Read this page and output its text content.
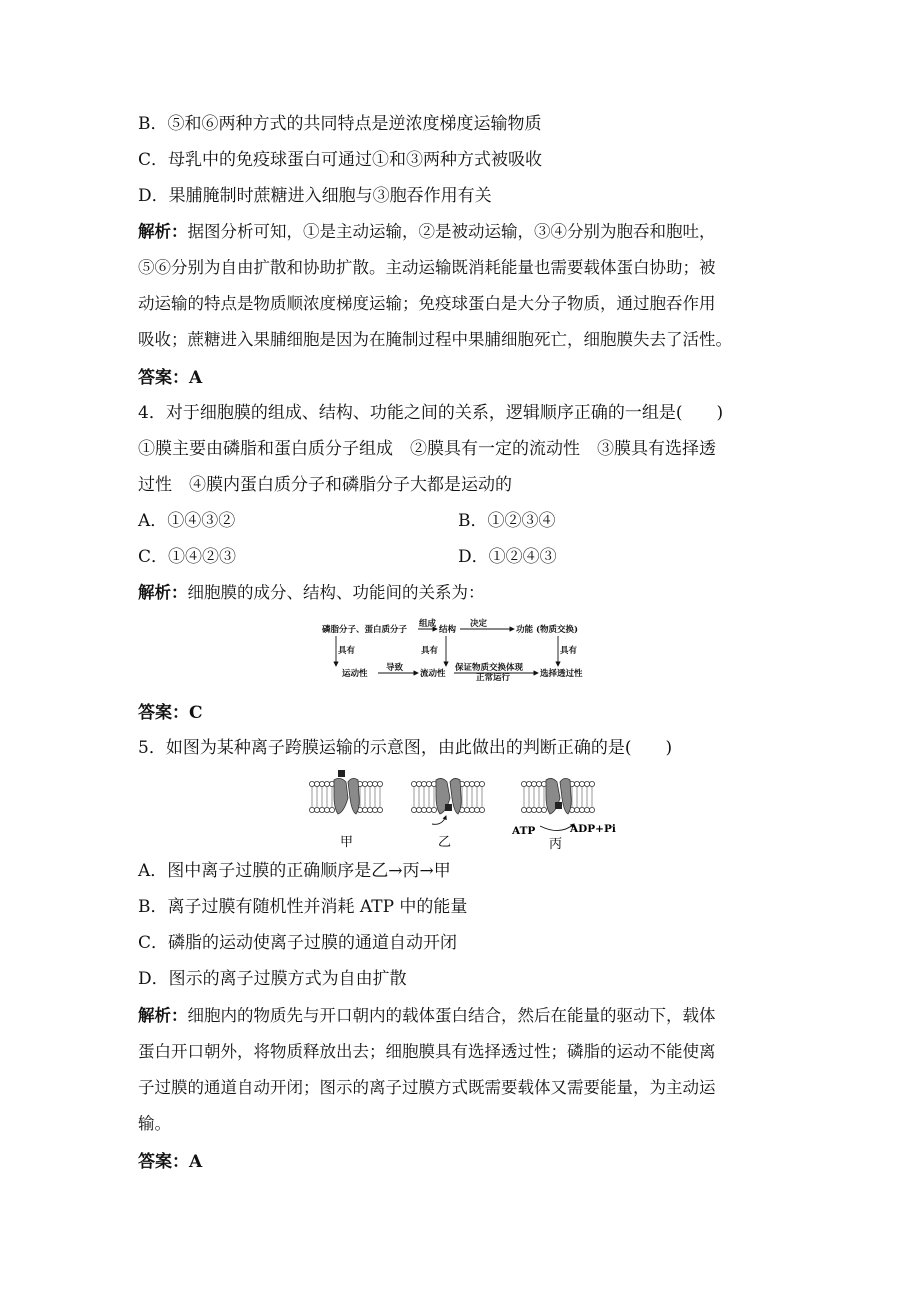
B．⑤和⑥两种方式的共同特点是逆浓度梯度运输物质
C．母乳中的免疫球蛋白可通过①和③两种方式被吸收
D．果脯腌制时蔗糖进入细胞与③胞吞作用有关
解析：据图分析可知，①是主动运输，②是被动运输，③④分别为胞吞和胞吐，
⑤⑥分别为自由扩散和协助扩散。主动运输既消耗能量也需要载体蛋白协助；被
动运输的特点是物质顺浓度梯度运输；免疫球蛋白是大分子物质，通过胞吞作用
吸收；蔗糖进入果脯细胞是因为在腌制过程中果脯细胞死亡，细胞膜失去了活性。
答案：A
4．对于细胞膜的组成、结构、功能之间的关系，逻辑顺序正确的一组是(　　)
①膜主要由磷脂和蛋白质分子组成　②膜具有一定的流动性　③膜具有选择透
过性　④膜内蛋白质分子和磷脂分子大都是运动的
A．①④③②	B．①②③④
C．①④②③	D．①②④③
解析：细胞膜的成分、结构、功能间的关系为：
磷脂分子、蛋白质分子
组成
结构
决定
功能 (物质交换)
具有	具有	具有
运动性
导致
流动性
保证物质交换体现
正常运行	选择透过性
答案：C
5．如图为某种离子跨膜运输的示意图，由此做出的判断正确的是(　　)
甲	乙
ATP	ADP+Pi
丙
A．图中离子过膜的正确顺序是乙→丙→甲
B．离子过膜有随机性并消耗 ATP 中的能量
C．磷脂的运动使离子过膜的通道自动开闭
D．图示的离子过膜方式为自由扩散
解析：细胞内的物质先与开口朝内的载体蛋白结合，然后在能量的驱动下，载体
蛋白开口朝外，将物质释放出去；细胞膜具有选择透过性；磷脂的运动不能使离
子过膜的通道自动开闭；图示的离子过膜方式既需要载体又需要能量，为主动运
输。
答案：A
